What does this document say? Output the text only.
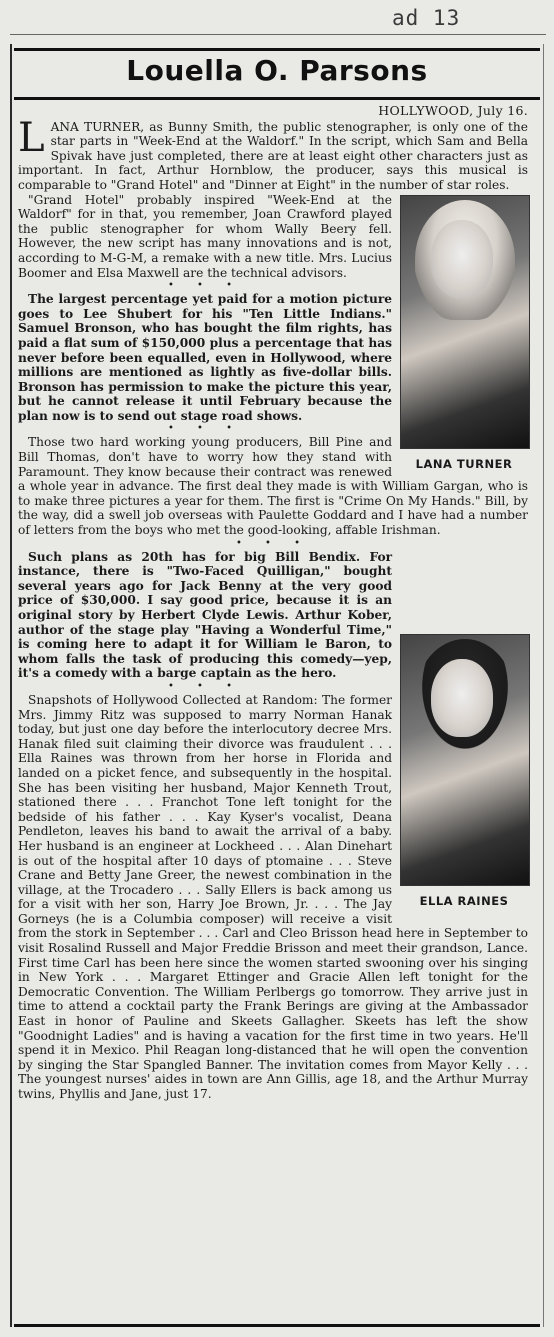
ad 13
Louella O. Parsons
HOLLYWOOD, July 16.

LANA TURNER, as Bunny Smith, the public stenographer, is only one of the star parts in "Week-End at the Waldorf." In the script, which Sam and Bella Spivak have just completed, there are at least eight other characters just as important. In fact, Arthur Hornblow, the producer, says this musical is comparable to "Grand Hotel" and "Dinner at Eight" in the number of star roles.

LANA TURNER

"Grand Hotel" probably inspired "Week-End at the Waldorf" for in that, you remember, Joan Crawford played the public stenographer for whom Wally Beery fell. However, the new script has many innovations and is not, according to M-G-M, a remake with a new title. Mrs. Lucius Boomer and Elsa Maxwell are the technical advisors.

• • •

The largest percentage yet paid for a motion picture goes to Lee Shubert for his "Ten Little Indians." Samuel Bronson, who has bought the film rights, has paid a flat sum of $150,000 plus a percentage that has never before been equalled, even in Hollywood, where millions are mentioned as lightly as five-dollar bills. Bronson has permission to make the picture this year, but he cannot release it until February because the plan now is to send out stage road shows.

• • •

Those two hard working young producers, Bill Pine and Bill Thomas, don't have to worry how they stand with Paramount. They know because their contract was renewed a whole year in advance. The first deal they made is with William Gargan, who is to make three pictures a year for them. The first is "Crime On My Hands." Bill, by the way, did a swell job overseas with Paulette Goddard and I have had a number of letters from the boys who met the good-looking, affable Irishman.

• • •
ELLA RAINES

Such plans as 20th has for big Bill Bendix. For instance, there is "Two-Faced Quilligan," bought several years ago for Jack Benny at the very good price of $30,000. I say good price, because it is an original story by Herbert Clyde Lewis. Arthur Kober, author of the stage play "Having a Wonderful Time," is coming here to adapt it for William le Baron, to whom falls the task of producing this comedy—yep, it's a comedy with a barge captain as the hero.

• • •

Snapshots of Hollywood Collected at Random: The former Mrs. Jimmy Ritz was supposed to marry Norman Hanak today, but just one day before the interlocutory decree Mrs. Hanak filed suit claiming their divorce was fraudulent . . . Ella Raines was thrown from her horse in Florida and landed on a picket fence, and subsequently in the hospital. She has been visiting her husband, Major Kenneth Trout, stationed there . . . Franchot Tone left tonight for the bedside of his father . . . Kay Kyser's vocalist, Deana Pendleton, leaves his band to await the arrival of a baby. Her husband is an engineer at Lockheed . . . Alan Dinehart is out of the hospital after 10 days of ptomaine . . . Steve Crane and Betty Jane Greer, the newest combination in the village, at the Trocadero . . . Sally Ellers is back among us for a visit with her son, Harry Joe Brown, Jr. . . . The Jay Gorneys (he is a Columbia composer) will receive a visit from the stork in September . . . Carl and Cleo Brisson head here in September to visit Rosalind Russell and Major Freddie Brisson and meet their grandson, Lance. First time Carl has been here since the women started swooning over his singing in New York . . . Margaret Ettinger and Gracie Allen left tonight for the Democratic Convention. The William Perlbergs go tomorrow. They arrive just in time to attend a cocktail party the Frank Berings are giving at the Ambassador East in honor of Pauline and Skeets Gallagher. Skeets has left the show "Goodnight Ladies" and is having a vacation for the first time in two years. He'll spend it in Mexico. Phil Reagan long-distanced that he will open the convention by singing the Star Spangled Banner. The invitation comes from Mayor Kelly . . . The youngest nurses' aides in town are Ann Gillis, age 18, and the Arthur Murray twins, Phyllis and Jane, just 17.
